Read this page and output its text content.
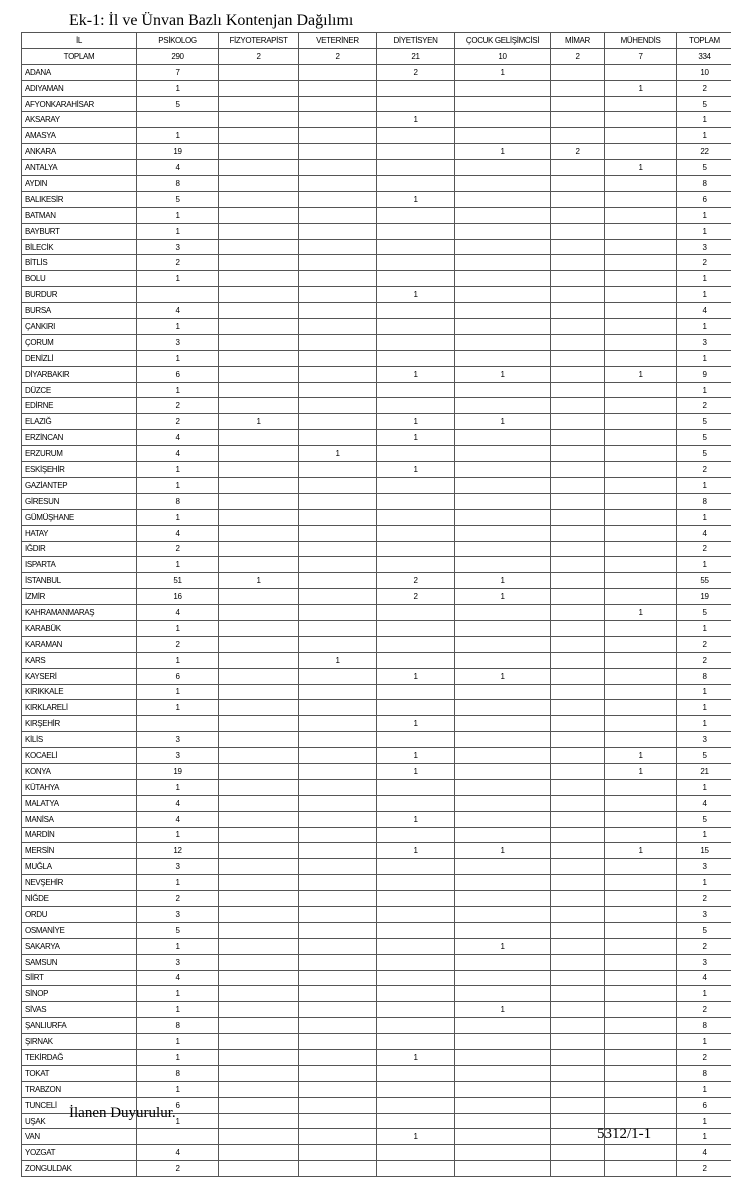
Ek-1: İl ve Ünvan Bazlı Kontenjan Dağılımı
İL	PSİKOLOG	FİZYOTERAPİST	VETERİNER	DİYETİSYEN	ÇOCUK GELİŞİMCİSİ	MİMAR	MÜHENDİS	TOPLAM
TOPLAM	290	2	2	21	10	2	7	334
ADANA	7			2	1			10
ADIYAMAN	1						1	2
AFYONKARAHİSAR	5							5
AKSARAY				1				1
AMASYA	1							1
ANKARA	19				1	2		22
ANTALYA	4						1	5
AYDIN	8							8
BALIKESİR	5			1				6
BATMAN	1							1
BAYBURT	1							1
BİLECİK	3							3
BİTLİS	2							2
BOLU	1							1
BURDUR				1				1
BURSA	4							4
ÇANKIRI	1							1
ÇORUM	3							3
DENİZLİ	1							1
DİYARBAKIR	6			1	1		1	9
DÜZCE	1							1
EDİRNE	2							2
ELAZIĞ	2	1		1	1			5
ERZİNCAN	4			1				5
ERZURUM	4		1					5
ESKİŞEHİR	1			1				2
GAZİANTEP	1							1
GİRESUN	8							8
GÜMÜŞHANE	1							1
HATAY	4							4
IĞDIR	2							2
ISPARTA	1							1
İSTANBUL	51	1		2	1			55
İZMİR	16			2	1			19
KAHRAMANMARAŞ	4						1	5
KARABÜK	1							1
KARAMAN	2							2
KARS	1		1					2
KAYSERİ	6			1	1			8
KIRIKKALE	1							1
KIRKLARELİ	1							1
KIRŞEHİR				1				1
KİLİS	3							3
KOCAELİ	3			1			1	5
KONYA	19			1			1	21
KÜTAHYA	1							1
MALATYA	4							4
MANİSA	4			1				5
MARDİN	1							1
MERSİN	12			1	1		1	15
MUĞLA	3							3
NEVŞEHİR	1							1
NİĞDE	2							2
ORDU	3							3
OSMANİYE	5							5
SAKARYA	1				1			2
SAMSUN	3							3
SİİRT	4							4
SİNOP	1							1
SİVAS	1				1			2
ŞANLIURFA	8							8
ŞIRNAK	1							1
TEKİRDAĞ	1			1				2
TOKAT	8							8
TRABZON	1							1
TUNCELİ	6							6
UŞAK	1							1
VAN				1				1
YOZGAT	4							4
ZONGULDAK	2							2
İlanen Duyurulur.
5312/1-1
